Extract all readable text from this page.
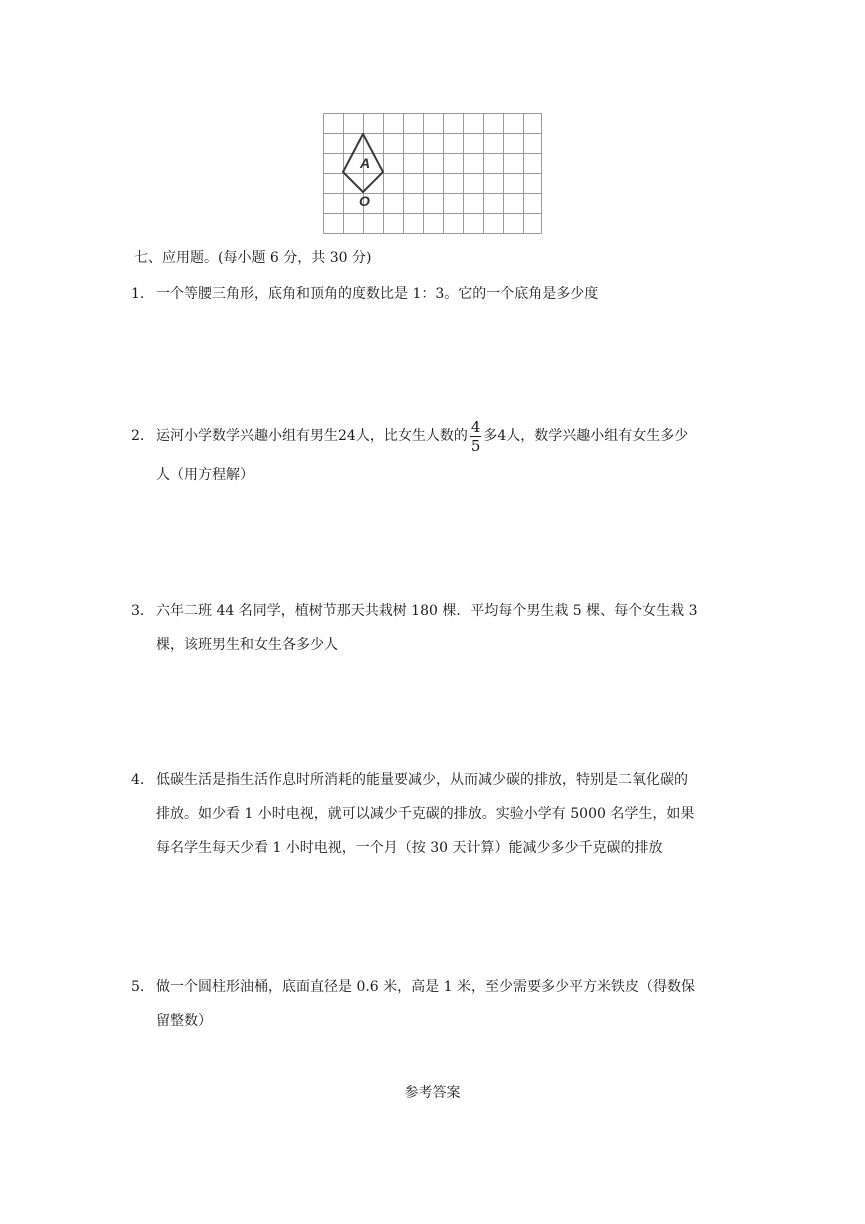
A
O
七、应用题。(每小题 6 分，共 30 分)
1. 一个等腰三角形，底角和顶角的度数比是 1：3。它的一个底角是多少度
2. 运河小学数学兴趣小组有男生24人，比女生人数的 $\frac{4}{5}$ 多4人，数学兴趣小组有女生多少
人（用方程解）
3. 六年二班 44 名同学，植树节那天共栽树 180 棵．平均每个男生栽 5 棵、每个女生栽 3
棵，该班男生和女生各多少人
4. 低碳生活是指生活作息时所消耗的能量要减少，从而减少碳的排放，特别是二氧化碳的
排放。如少看 1 小时电视，就可以减少千克碳的排放。实验小学有 5000 名学生，如果
每名学生每天少看 1 小时电视，一个月（按 30 天计算）能减少多少千克碳的排放
5. 做一个圆柱形油桶，底面直径是 0.6 米，高是 1 米，至少需要多少平方米铁皮（得数保
留整数）
参考答案
